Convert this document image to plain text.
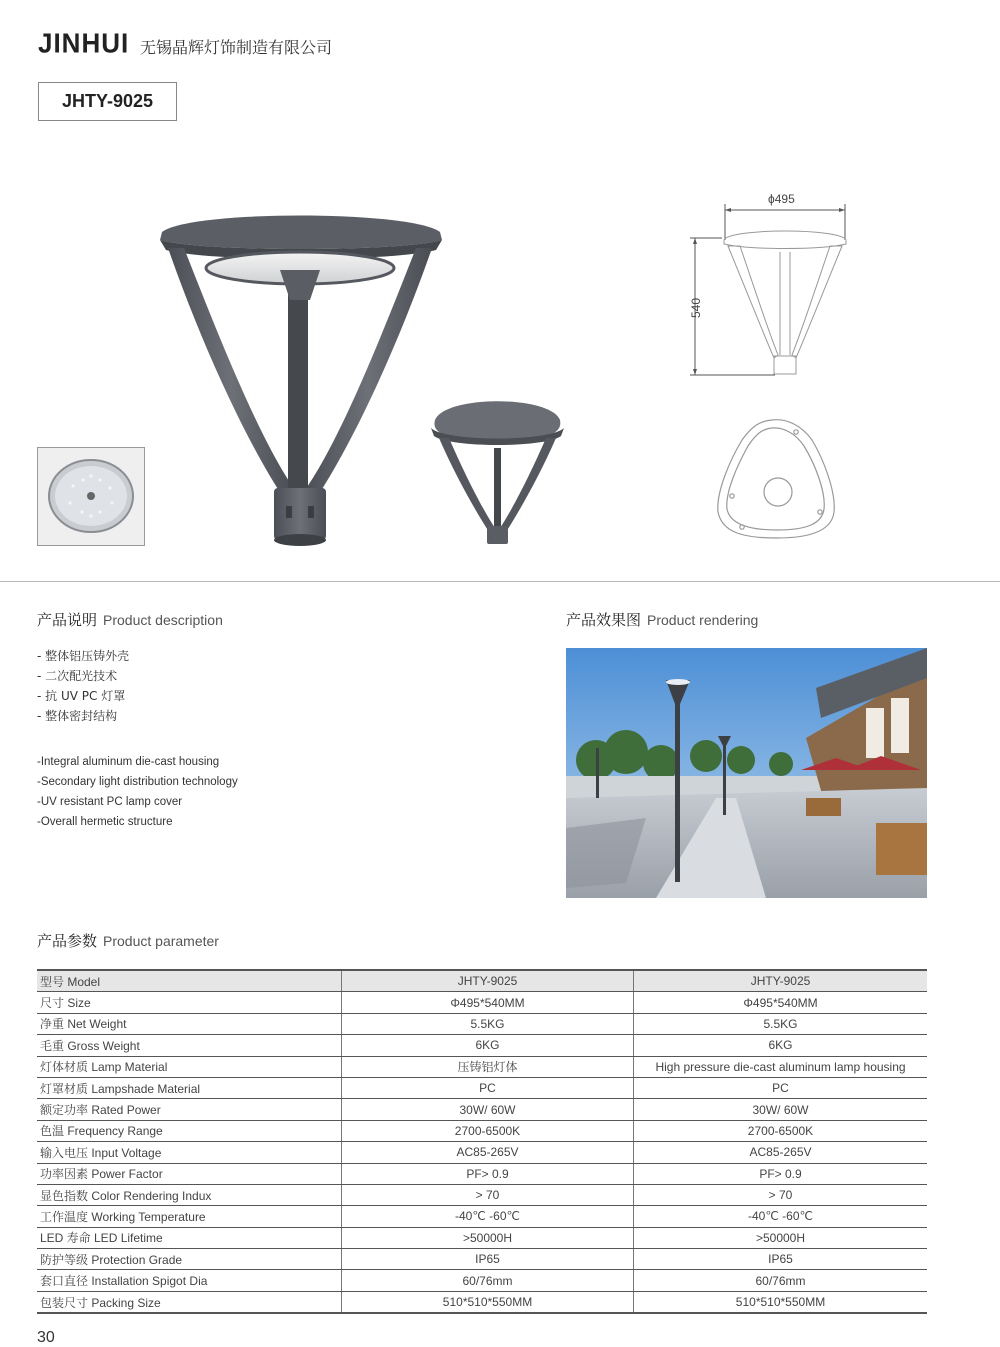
JINHUI 无锡晶辉灯饰制造有限公司
JHTY-9025
540
ϕ495
产品说明 Product description
- 整体铝压铸外壳
- 二次配光技术
- 抗 UV PC 灯罩
- 整体密封结构
-Integral aluminum die-cast housing
-Secondary light distribution technology
-UV resistant PC lamp cover
-Overall hermetic structure
产品效果图 Product rendering
产品参数 Product parameter
型号 Model	JHTY-9025	JHTY-9025
尺寸 Size	Φ495*540MM	Φ495*540MM
净重 Net Weight	5.5KG	5.5KG
毛重 Gross Weight	6KG	6KG
灯体材质 Lamp Material	压铸铝灯体	High pressure die-cast aluminum lamp housing
灯罩材质 Lampshade Material	PC	PC
额定功率 Rated Power	30W/ 60W	30W/ 60W
色温 Frequency Range	2700-6500K	2700-6500K
输入电压 Input Voltage	AC85-265V	AC85-265V
功率因素 Power Factor	PF> 0.9	PF> 0.9
显色指数 Color Rendering Indux	> 70	> 70
工作温度 Working Temperature	-40℃ -60℃	-40℃ -60℃
LED 寿命 LED Lifetime	>50000H	>50000H
防护等级 Protection Grade	IP65	IP65
套口直径 Installation Spigot Dia	60/76mm	60/76mm
包装尺寸 Packing Size	510*510*550MM	510*510*550MM
30
